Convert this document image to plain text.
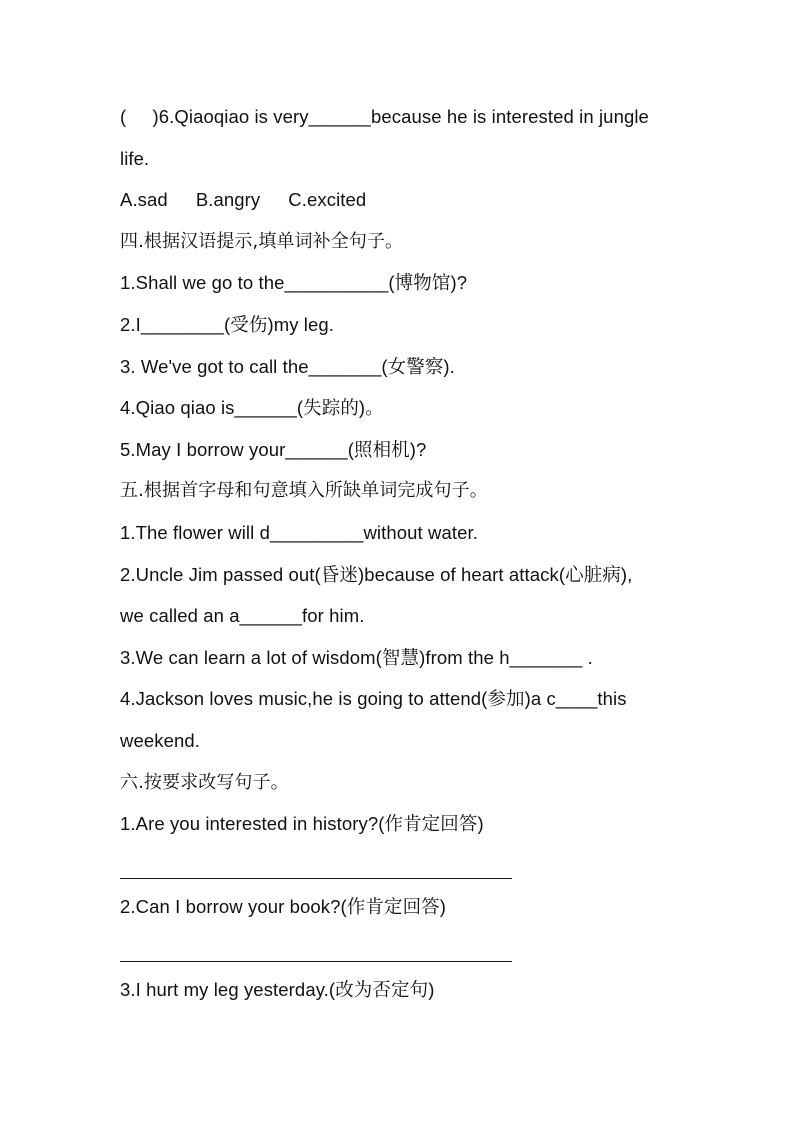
(     )6.Qiaoqiao is very______because he is interested in jungle
life.
A.sad B.angry C.excited
四.根据汉语提示,填单词补全句子。
1.Shall we go to the__________(博物馆)?
2.I________(受伤)my leg.
3. We've got to call the_______(女警察).
4.Qiao qiao is______(失踪的)。
5.May I borrow your______(照相机)?
五.根据首字母和句意填入所缺单词完成句子。
1.The flower will d_________without water.
2.Uncle Jim passed out(昏迷)because of heart attack(心脏病),
we called an a______for him.
3.We can learn a lot of wisdom(智慧)from the h_______ .
4.Jackson loves music,he is going to attend(参加)a c____this
weekend.
六.按要求改写句子。
1.Are you interested in history?(作肯定回答)
2.Can I borrow your book?(作肯定回答)
3.I hurt my leg yesterday.(改为否定句)
